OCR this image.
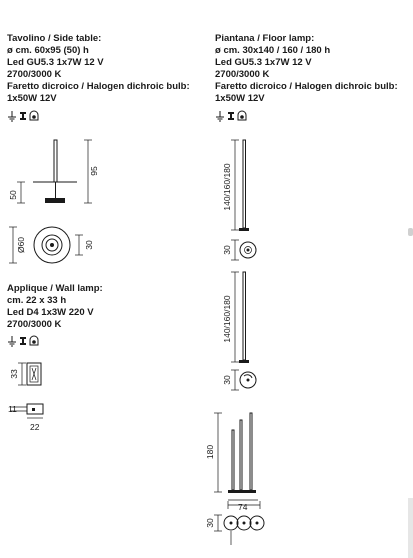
Tavolino / Side table:
ø cm. 60x95 (50) h
Led GU5.3 1x7W 12 V
2700/3000 K
Faretto dicroico / Halogen dichroic bulb:
1x50W 12V
50
95
Ø60	30
Applique / Wall lamp:
cm. 22 x 33 h
Led D4 1x3W 220 V
2700/3000 K
33
11
22
Piantana / Floor lamp:
ø cm. 30x140 / 160 / 180 h
Led GU5.3 1x7W 12 V
2700/3000 K
Faretto dicroico / Halogen dichroic bulb:
1x50W 12V
140/160/180
30
140/160/180
30
180
74
30
